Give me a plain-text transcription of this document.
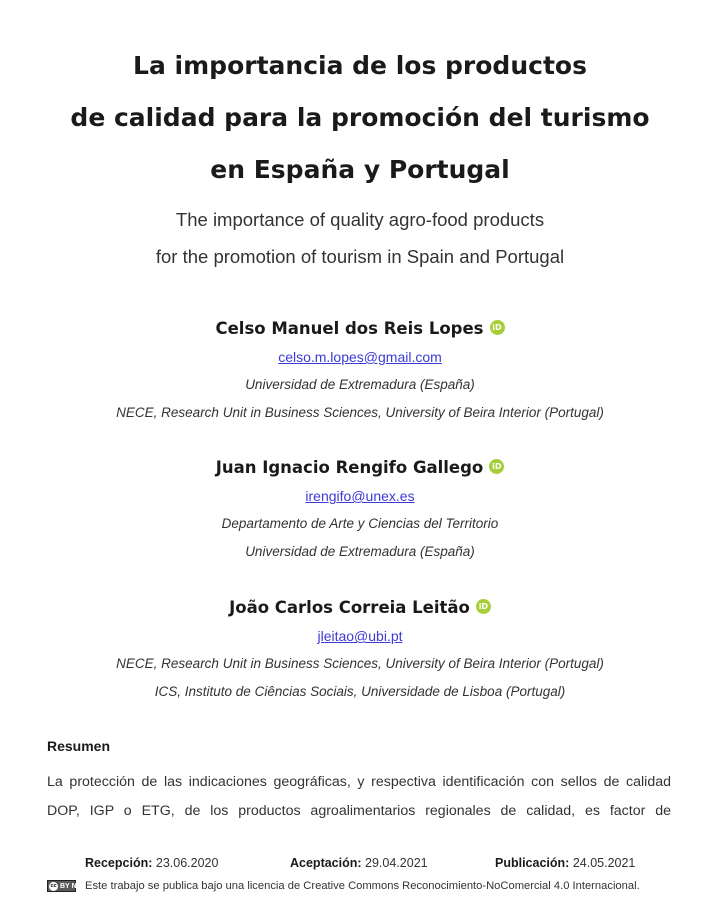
La importancia de los productos
de calidad para la promoción del turismo
en España y Portugal
The importance of quality agro-food products
for the promotion of tourism in Spain and Portugal
Celso Manuel dos Reis Lopes	iD
celso.m.lopes@gmail.com
Universidad de Extremadura (España)
NECE, Research Unit in Business Sciences, University of Beira Interior (Portugal)
Juan Ignacio Rengifo Gallego	iD
irengifo@unex.es
Departamento de Arte y Ciencias del Territorio
Universidad de Extremadura (España)
João Carlos Correia Leitão	iD
jleitao@ubi.pt
NECE, Research Unit in Business Sciences, University of Beira Interior (Portugal)
ICS, Instituto de Ciências Sociais, Universidade de Lisboa (Portugal)
Resumen

La protección de las indicaciones geográficas, y respectiva identificación con sellos de calidad
DOP, IGP o ETG, de los productos agroalimentarios regionales de calidad, es factor de

Recepción: 23.06.2020	Aceptación: 29.04.2021	Publicación: 24.05.2021
cc BY NC Este trabajo se publica bajo una licencia de Creative Commons Reconocimiento-NoComercial 4.0 Internacional.
